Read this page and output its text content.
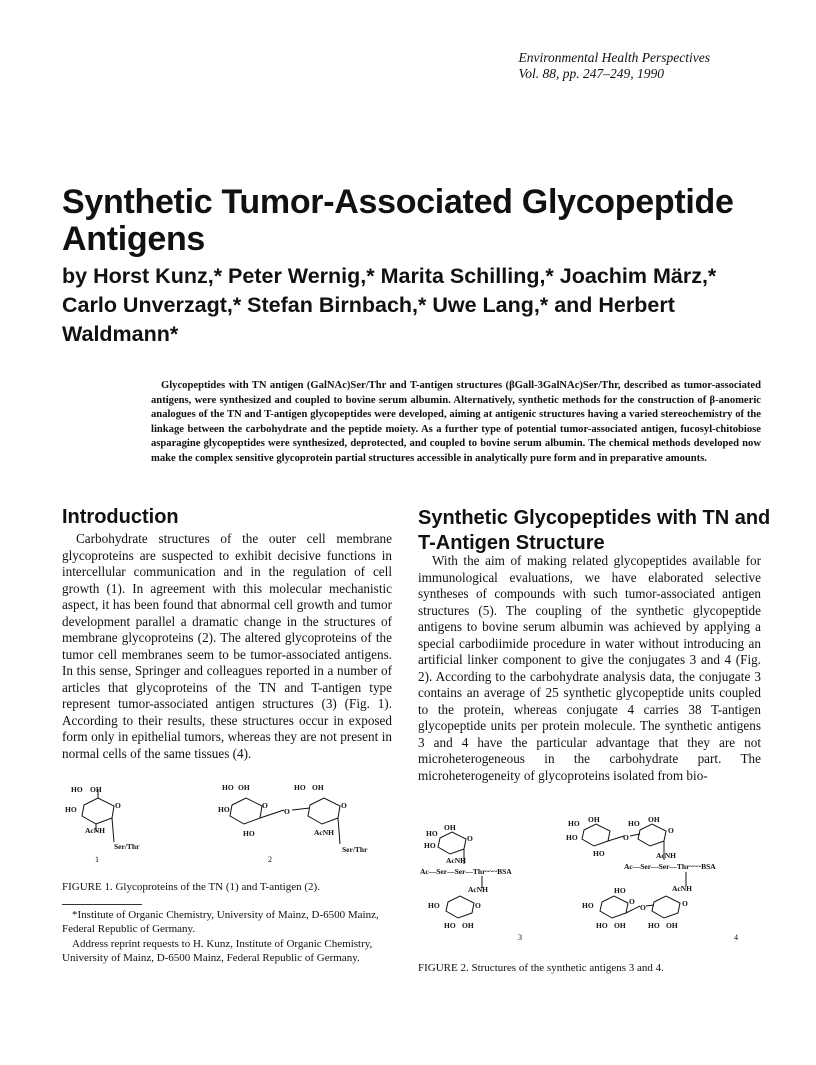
Environmental Health Perspectives
Vol. 88, pp. 247–249, 1990
Synthetic Tumor-Associated Glycopeptide Antigens
by Horst Kunz,* Peter Wernig,* Marita Schilling,* Joachim März,* Carlo Unverzagt,* Stefan Birnbach,* Uwe Lang,* and Herbert Waldmann*
Glycopeptides with TN antigen (GalNAc)Ser/Thr and T-antigen structures (βGall-3GalNAc)Ser/Thr, described as tumor-associated antigens, were synthesized and coupled to bovine serum albumin. Alternatively, synthetic methods for the construction of β-anomeric analogues of the TN and T-antigen glycopeptides were developed, aiming at antigenic structures having a varied stereochemistry of the linkage between the carbohydrate and the peptide moiety. As a further type of potential tumor-associated antigen, fucosyl-chitobiose asparagine glycopeptides were synthesized, deprotected, and coupled to bovine serum albumin. The chemical methods developed now make the complex sensitive glycoprotein partial structures accessible in analytically pure form and in preparative amounts.
Introduction
Carbohydrate structures of the outer cell membrane glycoproteins are suspected to exhibit decisive functions in intercellular communication and in the regulation of cell growth (1). In agreement with this molecular mechanistic aspect, it has been found that abnormal cell growth and tumor development parallel a dramatic change in the structures of membrane glycoproteins (2). The altered glycoproteins of the tumor cell membranes seem to be tumor-associated antigens. In this sense, Springer and colleagues reported in a number of articles that glycoproteins of the TN and T-antigen type represent tumor-associated antigen structures (3) (Fig. 1). According to their results, these structures occur in exposed form only in epithelial tumors, whereas they are not present in normal cells of the same tissues (4).
Synthetic Glycopeptides with TN and T-Antigen Structure
With the aim of making related glycopeptides available for immunological evaluations, we have elaborated selective syntheses of compounds with such tumor-associated antigen structures (5). The coupling of the synthetic glycopeptide antigens to bovine serum albumin was achieved by applying a special carbodiimide procedure in water without introducing an artificial linker component to give the conjugates 3 and 4 (Fig. 2). According to the carbohydrate analysis data, the conjugate 3 contains an average of 25 synthetic glycopeptide units coupled to the protein, whereas conjugate 4 carries 38 T-antigen glycopeptide units per protein molecule. The synthetic antigens 3 and 4 have the particular advantage that they are not microheterogeneous in the carbohydrate part. The microheterogeneity of glycoproteins isolated from bio-
HO OH
HO	O
AcNH
Ser/Thr
1
HO OH
HO	O
HO
O
HO OH
O
AcNH
Ser/Thr
2
FIGURE 1. Glycoproteins of the TN (1) and T-antigen (2).

*Institute of Organic Chemistry, University of Mainz, D-6500 Mainz, Federal Republic of Germany.

Address reprint requests to H. Kunz, Institute of Organic Chemistry, University of Mainz, D-6500 Mainz, Federal Republic of Germany.

HO
OH
HO
O
AcNH
Ac—Ser—Ser—Thr~~~BSA
AcNH
HO	O
HO OH
3
HO OH
HO
HO
O
HO OH
O
AcNH
Ac—Ser—Ser—Thr~~~BSA
HO	AcNH
HO	O
O	O
HO OH	HO OH
4
FIGURE 2. Structures of the synthetic antigens 3 and 4.
